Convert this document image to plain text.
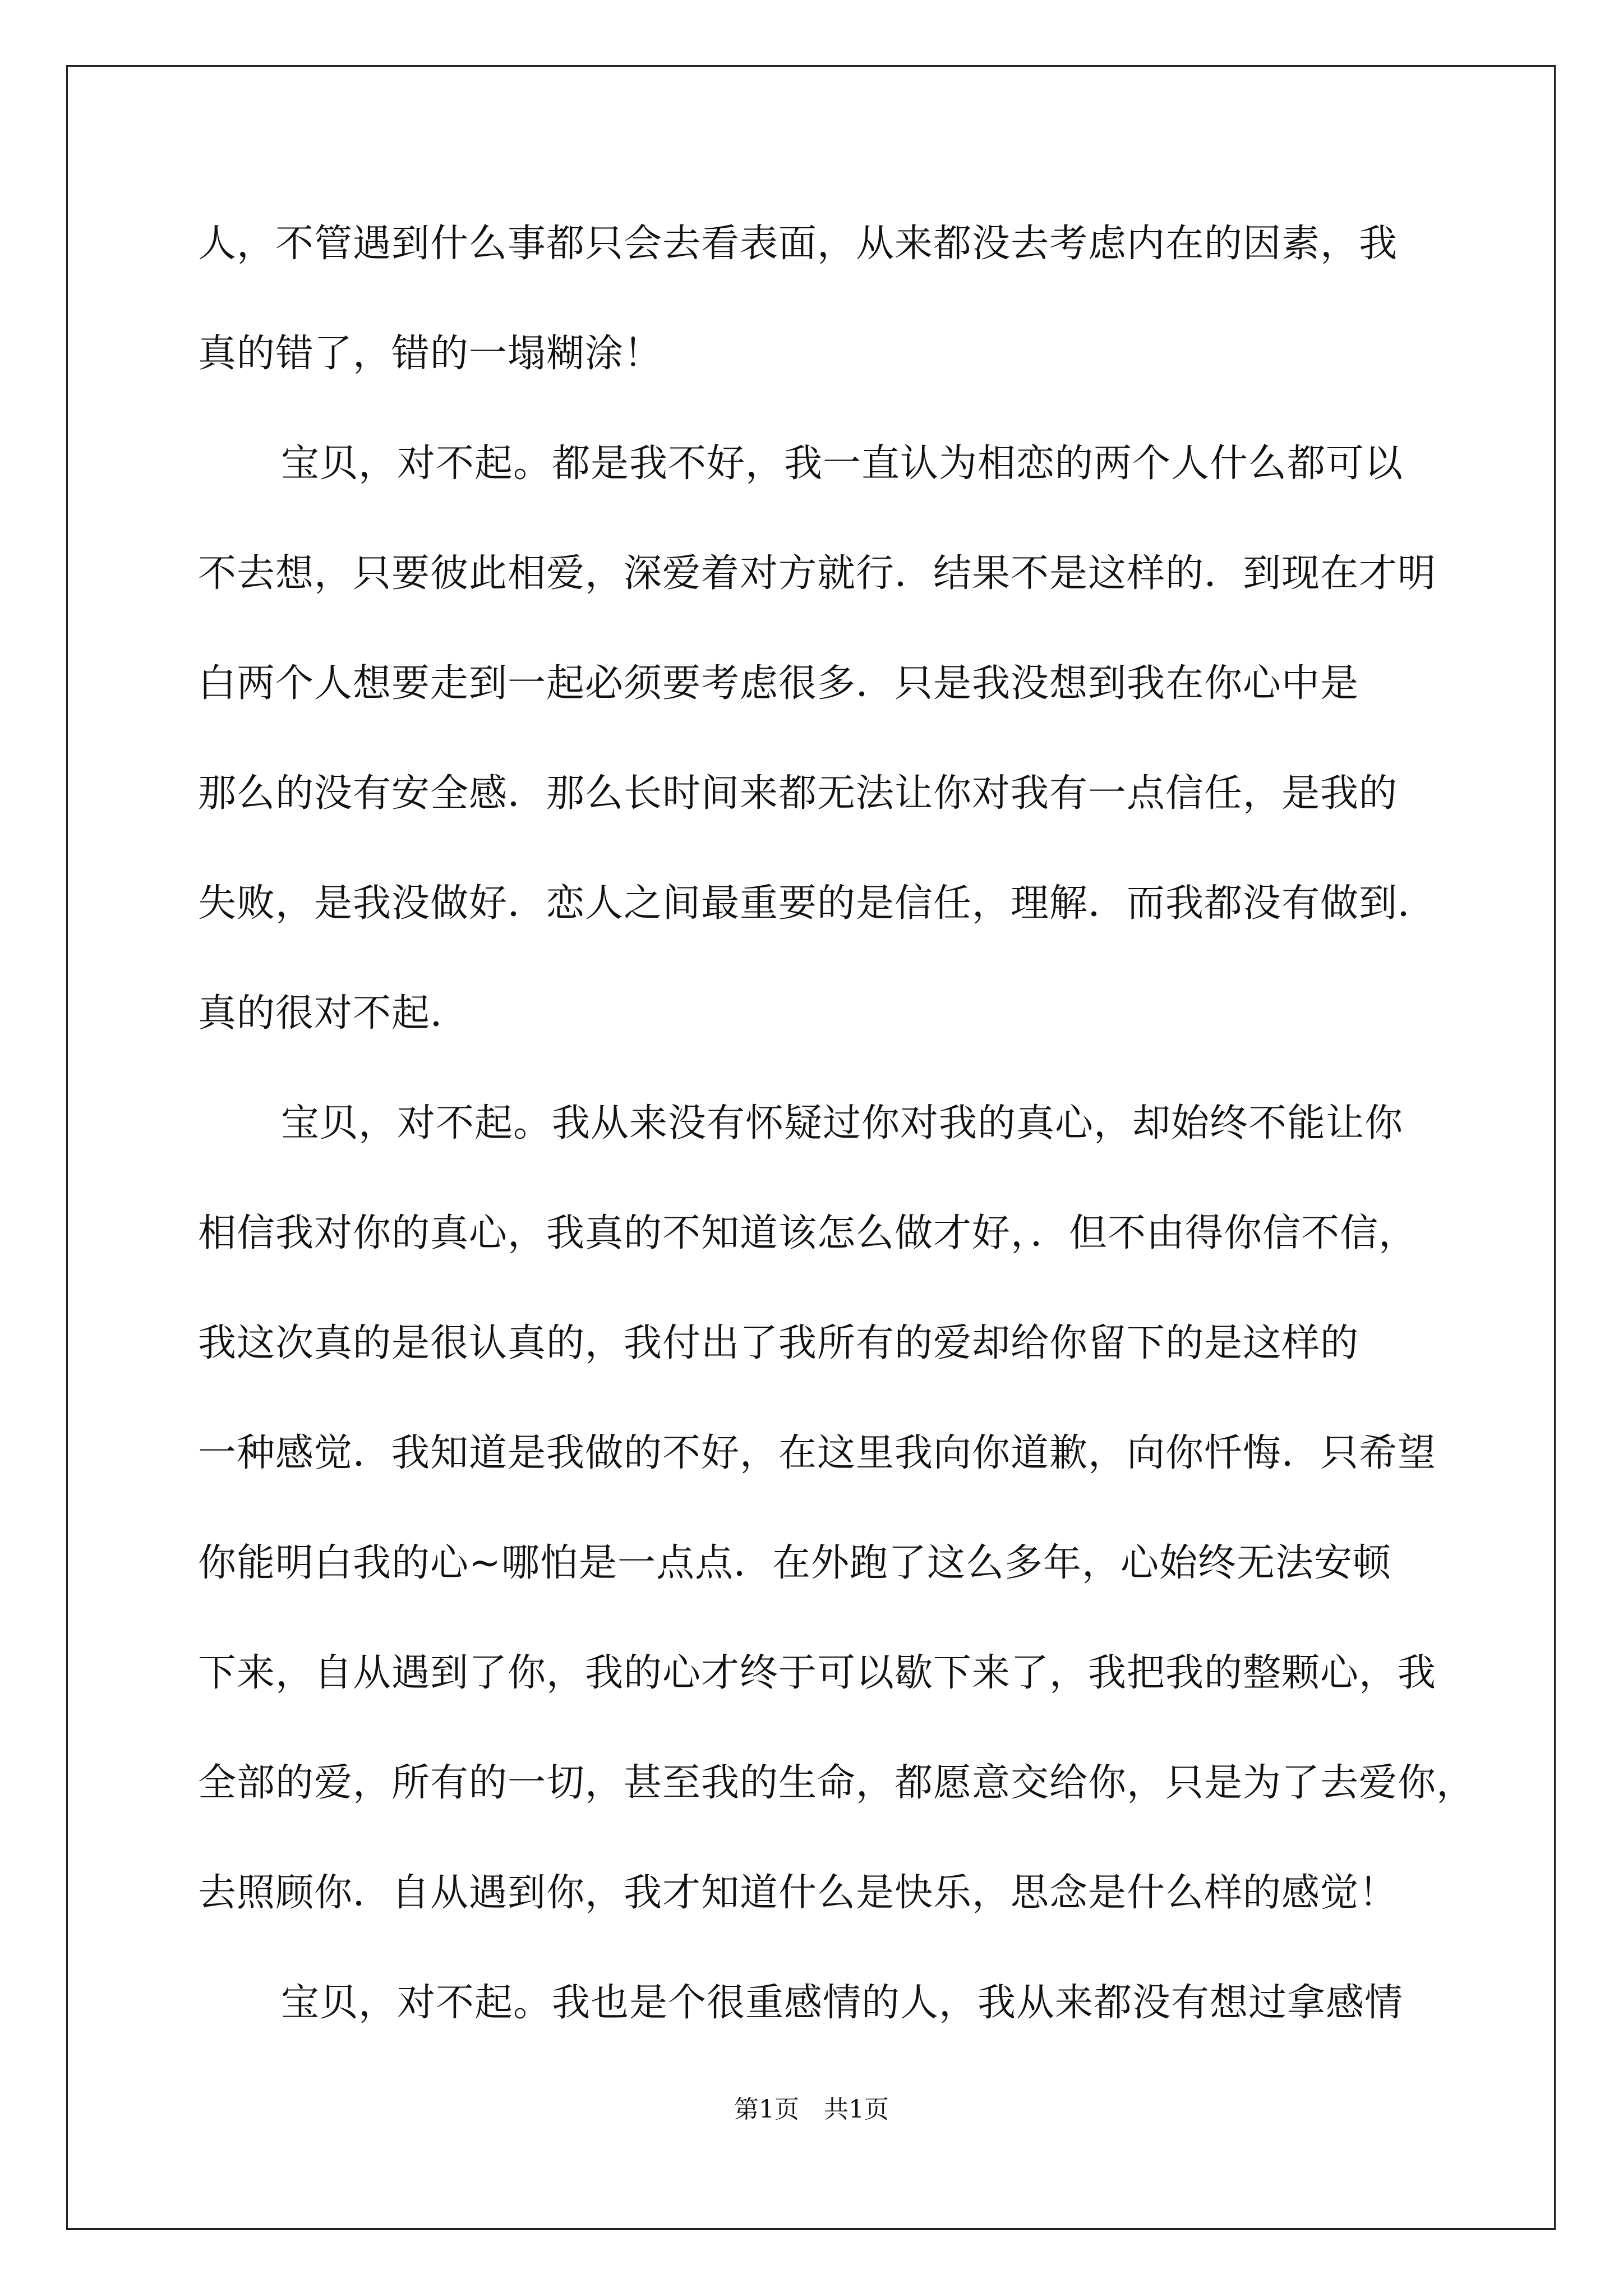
人，不管遇到什么事都只会去看表面，从来都没去考虑内在的因素，我
真的错了，错的一塌糊涂！
宝贝，对不起。都是我不好，我一直认为相恋的两个人什么都可以
不去想，只要彼此相爱，深爱着对方就行．结果不是这样的．到现在才明
白两个人想要走到一起必须要考虑很多．只是我没想到我在你心中是
那么的没有安全感．那么长时间来都无法让你对我有一点信任，是我的
失败，是我没做好．恋人之间最重要的是信任，理解．而我都没有做到．
真的很对不起．
宝贝，对不起。我从来没有怀疑过你对我的真心，却始终不能让你
相信我对你的真心，我真的不知道该怎么做才好，．但不由得你信不信，
我这次真的是很认真的，我付出了我所有的爱却给你留下的是这样的
一种感觉．我知道是我做的不好，在这里我向你道歉，向你忏悔．只希望
你能明白我的心~哪怕是一点点．在外跑了这么多年，心始终无法安顿
下来，自从遇到了你，我的心才终于可以歇下来了，我把我的整颗心，我
全部的爱，所有的一切，甚至我的生命，都愿意交给你，只是为了去爱你，
去照顾你．自从遇到你，我才知道什么是快乐，思念是什么样的感觉！
宝贝，对不起。我也是个很重感情的人，我从来都没有想过拿感情
第1页　共1页
